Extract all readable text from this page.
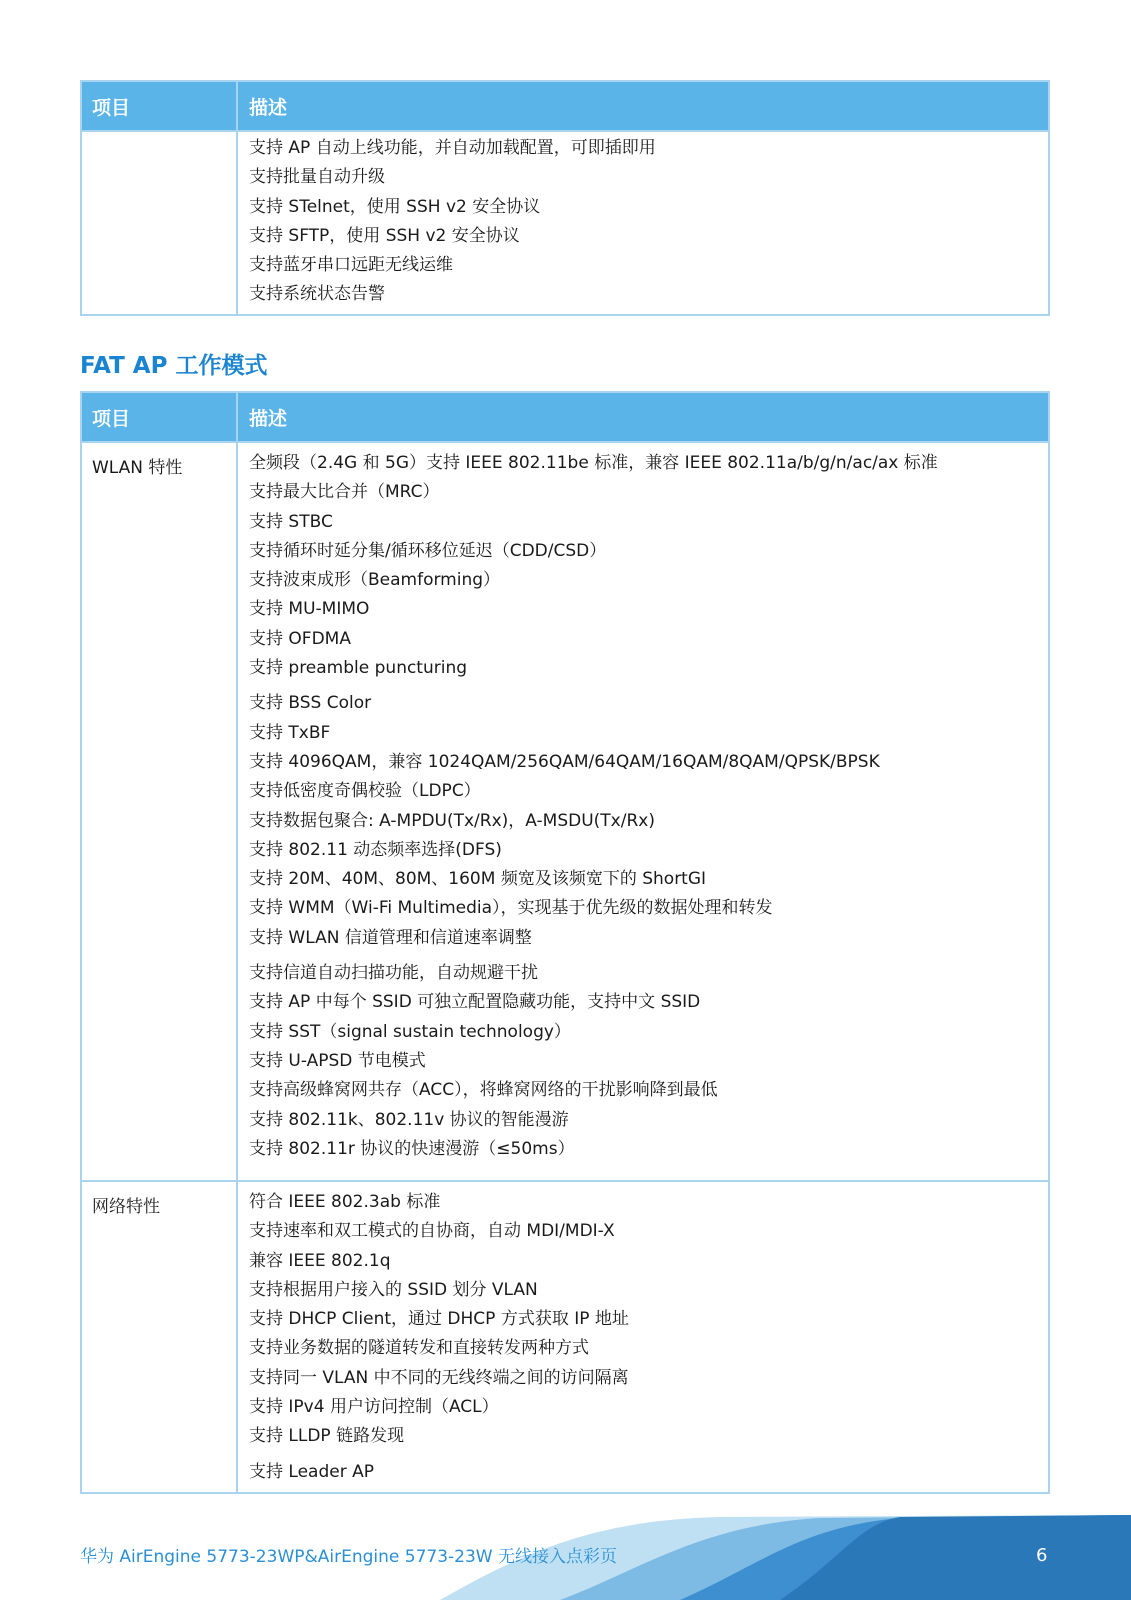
项目	描述
支持 AP 自动上线功能，并自动加载配置，可即插即用
支持批量自动升级
支持 STelnet，使用 SSH v2 安全协议
支持 SFTP，使用 SSH v2 安全协议
支持蓝牙串口远距无线运维
支持系统状态告警
FAT AP 工作模式
项目	描述
WLAN 特性	全频段（2.4G 和 5G）支持 IEEE 802.11be 标准，兼容 IEEE 802.11a/b/g/n/ac/ax 标准
支持最大比合并（MRC）
支持 STBC
支持循环时延分集/循环移位延迟（CDD/CSD）
支持波束成形（Beamforming）
支持 MU-MIMO
支持 OFDMA
支持 preamble puncturing
支持 BSS Color
支持 TxBF
支持 4096QAM，兼容 1024QAM/256QAM/64QAM/16QAM/8QAM/QPSK/BPSK
支持低密度奇偶校验（LDPC）
支持数据包聚合: A-MPDU(Tx/Rx)，A-MSDU(Tx/Rx)
支持 802.11 动态频率选择(DFS)
支持 20M、40M、80M、160M 频宽及该频宽下的 ShortGI
支持 WMM（Wi-Fi Multimedia），实现基于优先级的数据处理和转发
支持 WLAN 信道管理和信道速率调整
支持信道自动扫描功能，自动规避干扰
支持 AP 中每个 SSID 可独立配置隐藏功能，支持中文 SSID
支持 SST（signal sustain technology）
支持 U-APSD 节电模式
支持高级蜂窝网共存（ACC），将蜂窝网络的干扰影响降到最低
支持 802.11k、802.11v 协议的智能漫游
支持 802.11r 协议的快速漫游（≤50ms）
网络特性	符合 IEEE 802.3ab 标准
支持速率和双工模式的自协商，自动 MDI/MDI-X
兼容 IEEE 802.1q
支持根据用户接入的 SSID 划分 VLAN
支持 DHCP Client，通过 DHCP 方式获取 IP 地址
支持业务数据的隧道转发和直接转发两种方式
支持同一 VLAN 中不同的无线终端之间的访问隔离
支持 IPv4 用户访问控制（ACL）
支持 LLDP 链路发现
支持 Leader AP
华为 AirEngine 5773-23WP&AirEngine 5773-23W 无线接入点彩页	6
